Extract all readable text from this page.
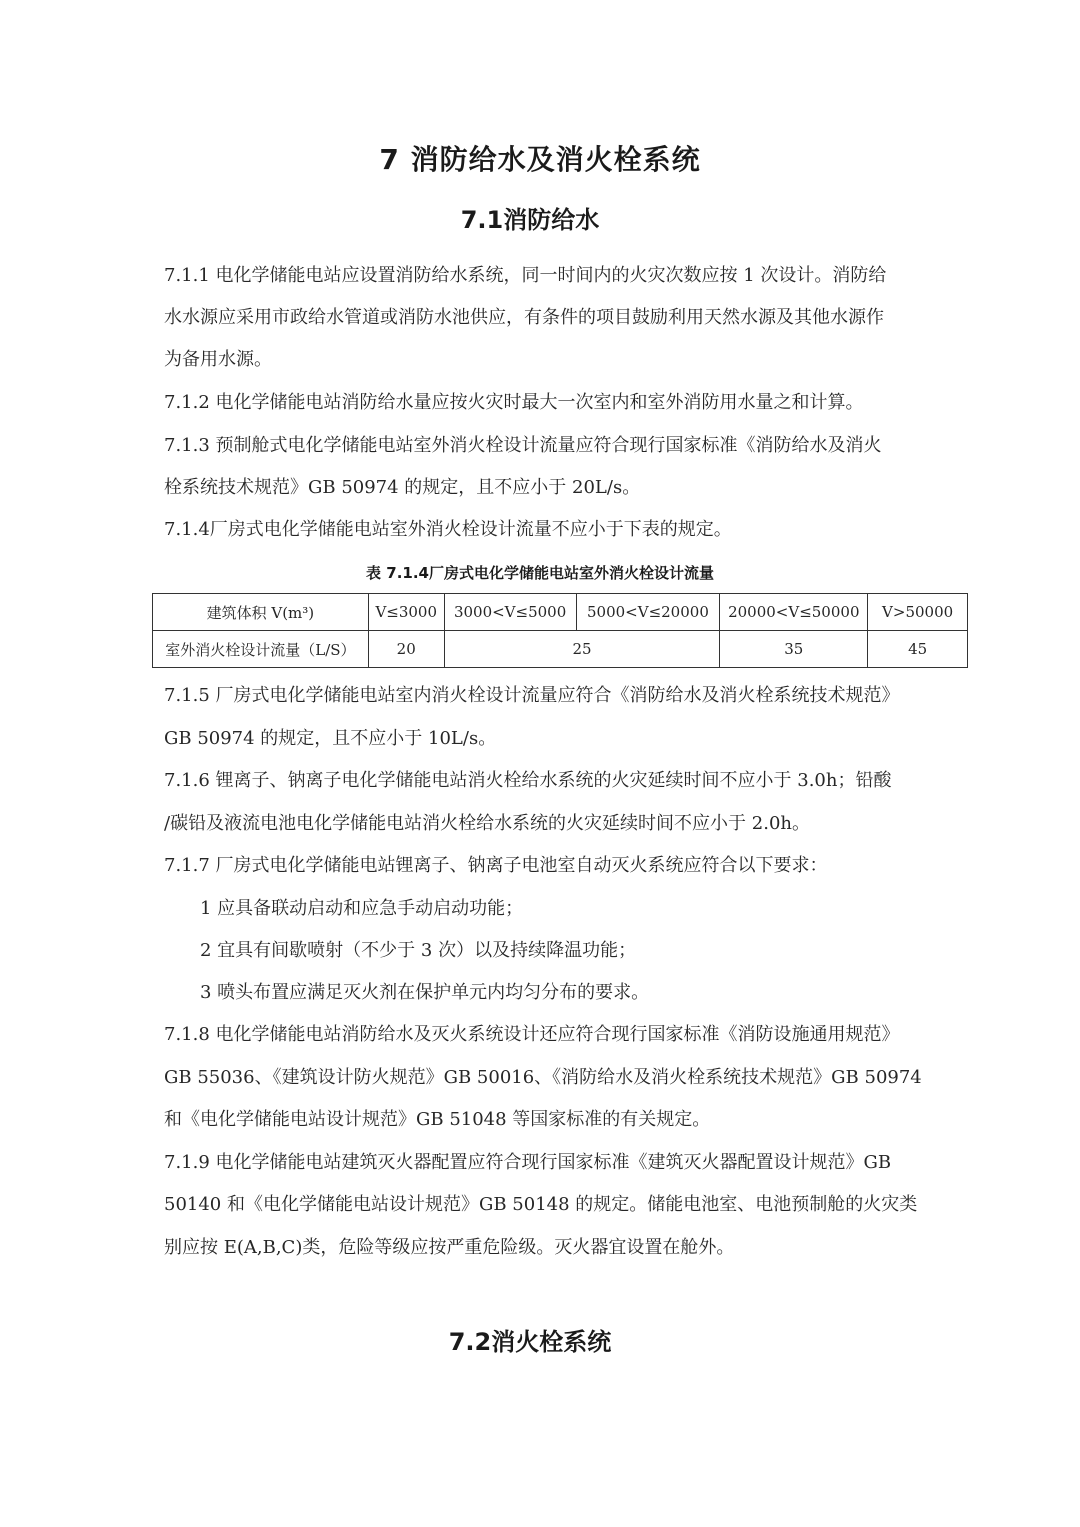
7 消防给水及消火栓系统
7.1消防给水

7.1.1 电化学储能电站应设置消防给水系统，同一时间内的火灾次数应按 1 次设计。消防给

水水源应采用市政给水管道或消防水池供应，有条件的项目鼓励利用天然水源及其他水源作

为备用水源。

7.1.2 电化学储能电站消防给水量应按火灾时最大一次室内和室外消防用水量之和计算。

7.1.3 预制舱式电化学储能电站室外消火栓设计流量应符合现行国家标准《消防给水及消火

栓系统技术规范》GB 50974 的规定，且不应小于 20L/s。

7.1.4厂房式电化学储能电站室外消火栓设计流量不应小于下表的规定。

表 7.1.4厂房式电化学储能电站室外消火栓设计流量
建筑体积 V(m³)	V≤3000	3000<V≤5000	5000<V≤20000	20000<V≤50000	V>50000
室外消火栓设计流量（L/S）	20	25		35	45

7.1.5 厂房式电化学储能电站室内消火栓设计流量应符合《消防给水及消火栓系统技术规范》

GB 50974 的规定，且不应小于 10L/s。

7.1.6 锂离子、钠离子电化学储能电站消火栓给水系统的火灾延续时间不应小于 3.0h；铅酸

/碳铅及液流电池电化学储能电站消火栓给水系统的火灾延续时间不应小于 2.0h。

7.1.7 厂房式电化学储能电站锂离子、钠离子电池室自动灭火系统应符合以下要求：

1 应具备联动启动和应急手动启动功能；

2 宜具有间歇喷射（不少于 3 次）以及持续降温功能；

3 喷头布置应满足灭火剂在保护单元内均匀分布的要求。

7.1.8 电化学储能电站消防给水及灭火系统设计还应符合现行国家标准《消防设施通用规范》

GB 55036、《建筑设计防火规范》GB 50016、《消防给水及消火栓系统技术规范》GB 50974

和《电化学储能电站设计规范》GB 51048 等国家标准的有关规定。

7.1.9 电化学储能电站建筑灭火器配置应符合现行国家标准《建筑灭火器配置设计规范》GB

50140 和《电化学储能电站设计规范》GB 50148 的规定。储能电池室、电池预制舱的火灾类

别应按 E(A,B,C)类，危险等级应按严重危险级。灭火器宜设置在舱外。

7.2消火栓系统
